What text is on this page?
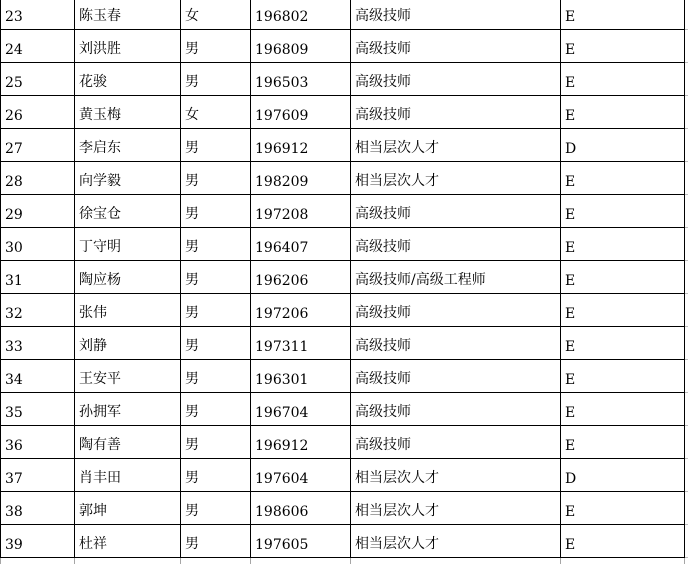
23	陈玉春	女	196802	高级技师	E
24	刘洪胜	男	196809	高级技师	E
25	花骏	男	196503	高级技师	E
26	黄玉梅	女	197609	高级技师	E
27	李启东	男	196912	相当层次人才	D
28	向学毅	男	198209	相当层次人才	E
29	徐宝仓	男	197208	高级技师	E
30	丁守明	男	196407	高级技师	E
31	陶应杨	男	196206	高级技师/高级工程师	E
32	张伟	男	197206	高级技师	E
33	刘静	男	197311	高级技师	E
34	王安平	男	196301	高级技师	E
35	孙拥军	男	196704	高级技师	E
36	陶有善	男	196912	高级技师	E
37	肖丰田	男	197604	相当层次人才	D
38	郭坤	男	198606	相当层次人才	E
39	杜祥	男	197605	相当层次人才	E
